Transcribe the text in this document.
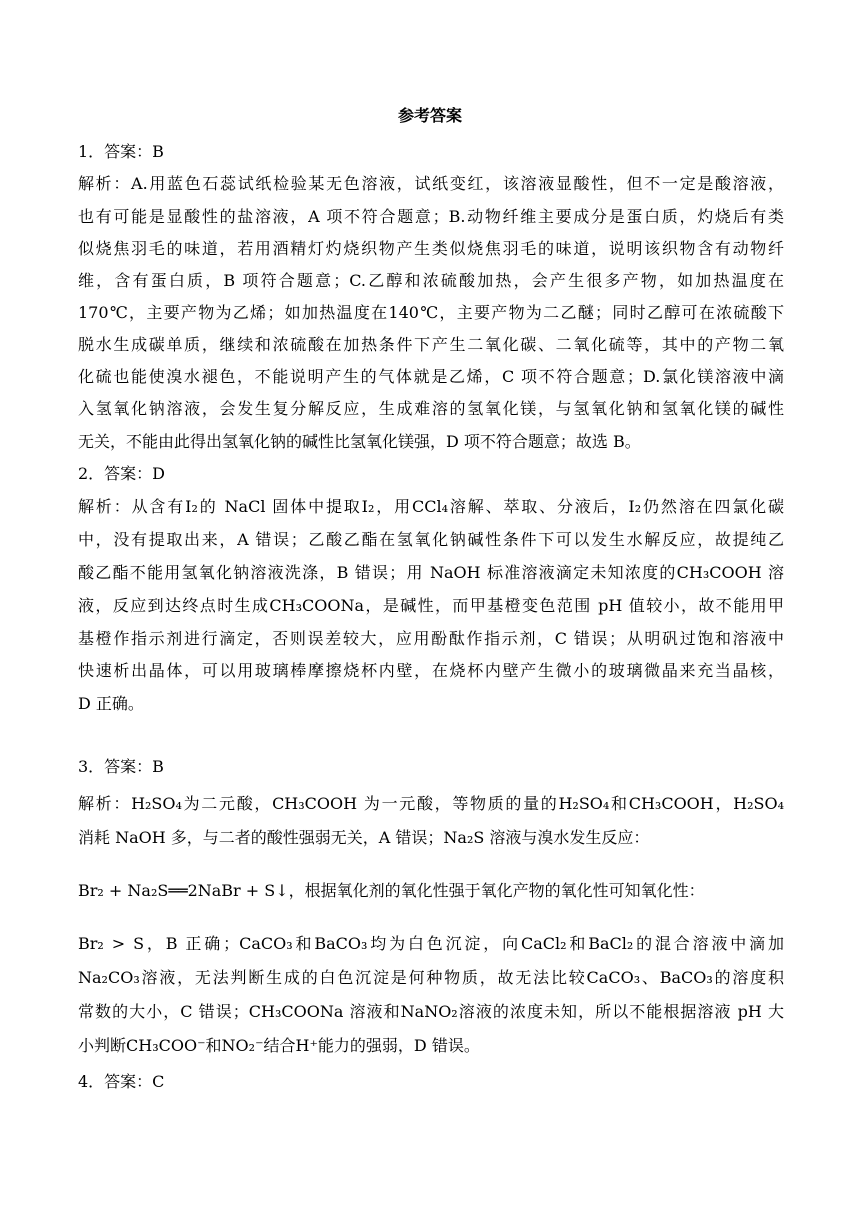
参考答案
1．答案：B
解析：A.用蓝色石蕊试纸检验某无色溶液，试纸变红，该溶液显酸性，但不一定是酸溶液，
也有可能是显酸性的盐溶液，A 项不符合题意；B.动物纤维主要成分是蛋白质，灼烧后有类
似烧焦羽毛的味道，若用酒精灯灼烧织物产生类似烧焦羽毛的味道，说明该织物含有动物纤
维，含有蛋白质，B 项符合题意；C.乙醇和浓硫酸加热，会产生很多产物，如加热温度在
170℃，主要产物为乙烯；如加热温度在140℃，主要产物为二乙醚；同时乙醇可在浓硫酸下
脱水生成碳单质，继续和浓硫酸在加热条件下产生二氧化碳、二氧化硫等，其中的产物二氧
化硫也能使溴水褪色，不能说明产生的气体就是乙烯，C 项不符合题意；D.氯化镁溶液中滴
入氢氧化钠溶液，会发生复分解反应，生成难溶的氢氧化镁，与氢氧化钠和氢氧化镁的碱性
无关，不能由此得出氢氧化钠的碱性比氢氧化镁强，D 项不符合题意；故选 B。
2．答案：D
解析：从含有I₂的 NaCl 固体中提取I₂，用CCl₄溶解、萃取、分液后，I₂仍然溶在四氯化碳
中，没有提取出来，A 错误；乙酸乙酯在氢氧化钠碱性条件下可以发生水解反应，故提纯乙
酸乙酯不能用氢氧化钠溶液洗涤，B 错误；用 NaOH 标准溶液滴定未知浓度的CH₃COOH 溶
液，反应到达终点时生成CH₃COONa，是碱性，而甲基橙变色范围 pH 值较小，故不能用甲
基橙作指示剂进行滴定，否则误差较大，应用酚酞作指示剂，C 错误；从明矾过饱和溶液中
快速析出晶体，可以用玻璃棒摩擦烧杯内壁，在烧杯内壁产生微小的玻璃微晶来充当晶核，
D 正确。
3．答案：B
解析：H₂SO₄为二元酸，CH₃COOH 为一元酸，等物质的量的H₂SO₄和CH₃COOH，H₂SO₄
消耗 NaOH 多，与二者的酸性强弱无关，A 错误；Na₂S 溶液与溴水发生反应：
Br₂ + Na₂S══2NaBr + S↓，根据氧化剂的氧化性强于氧化产物的氧化性可知氧化性：
Br₂ > S，B 正确；CaCO₃和BaCO₃均为白色沉淀，向CaCl₂和BaCl₂的混合溶液中滴加
Na₂CO₃溶液，无法判断生成的白色沉淀是何种物质，故无法比较CaCO₃、BaCO₃的溶度积
常数的大小，C 错误；CH₃COONa 溶液和NaNO₂溶液的浓度未知，所以不能根据溶液 pH 大
小判断CH₃COO⁻和NO₂⁻结合H⁺能力的强弱，D 错误。
4．答案：C
